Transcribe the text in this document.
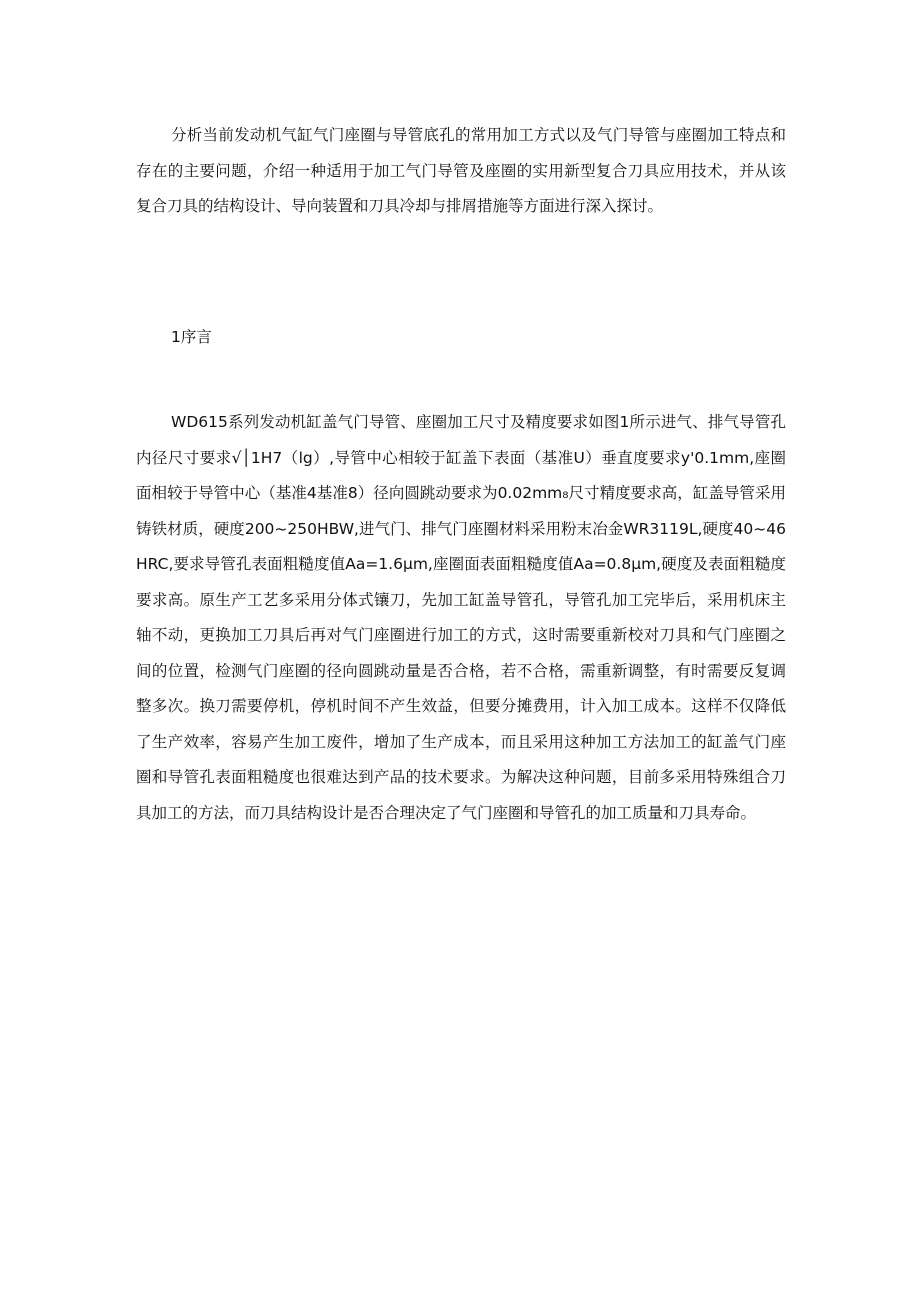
分析当前发动机气缸气门座圈与导管底孔的常用加工方式以及气门导管与座圈加工特点和存在的主要问题，介绍一种适用于加工气门导管及座圈的实用新型复合刀具应用技术，并从该复合刀具的结构设计、导向装置和刀具冷却与排屑措施等方面进行深入探讨。

1序言

WD615系列发动机缸盖气门导管、座圈加工尺寸及精度要求如图1所示进气、排气导管孔内径尺寸要求√│1H7（lg）,导管中心相较于缸盖下表面（基准U）垂直度要求y'0.1mm,座圈面相较于导管中心（基准4基准8）径向圆跳动要求为0.02mm₈尺寸精度要求高，缸盖导管采用铸铁材质，硬度200~250HBW,进气门、排气门座圈材料采用粉末冶金WR3119L,硬度40~46HRC,要求导管孔表面粗糙度值Aa=1.6μm,座圈面表面粗糙度值Aa=0.8μm,硬度及表面粗糙度要求高。原生产工艺多采用分体式镶刀，先加工缸盖导管孔，导管孔加工完毕后，采用机床主轴不动，更换加工刀具后再对气门座圈进行加工的方式，这时需要重新校对刀具和气门座圈之间的位置，检测气门座圈的径向圆跳动量是否合格，若不合格，需重新调整，有时需要反复调整多次。换刀需要停机，停机时间不产生效益，但要分摊费用，计入加工成本。这样不仅降低了生产效率，容易产生加工废件，增加了生产成本，而且采用这种加工方法加工的缸盖气门座圈和导管孔表面粗糙度也很难达到产品的技术要求。为解决这种问题，目前多采用特殊组合刀具加工的方法，而刀具结构设计是否合理决定了气门座圈和导管孔的加工质量和刀具寿命。
